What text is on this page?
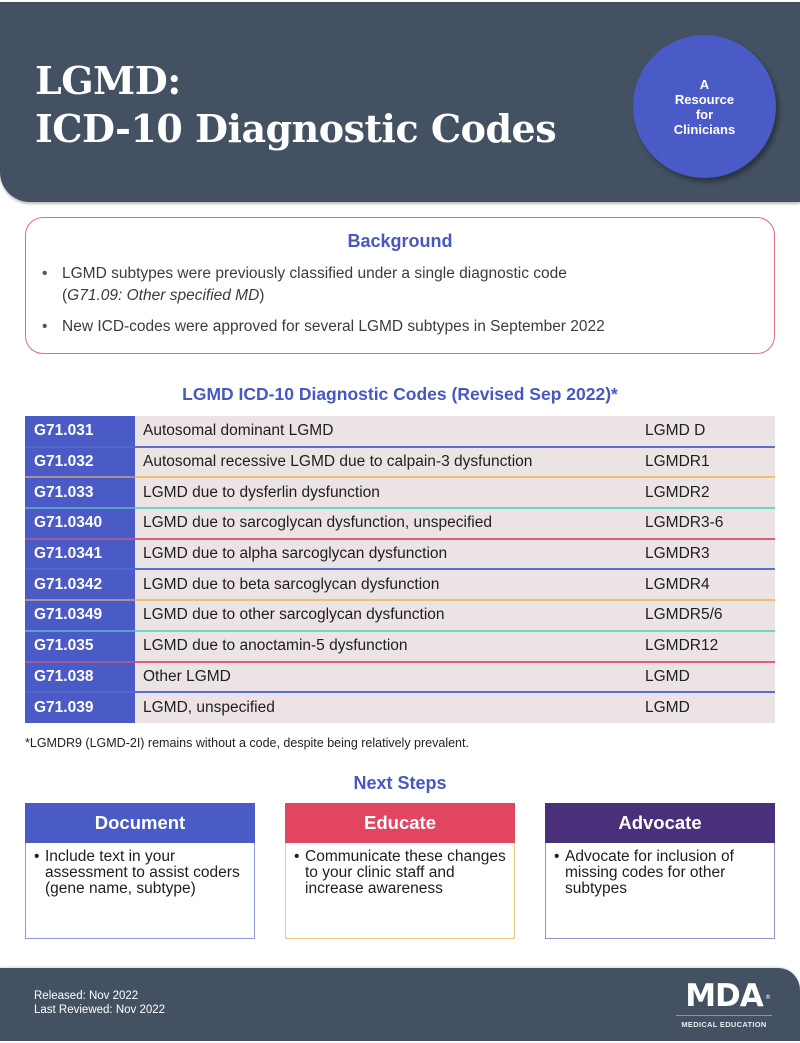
LGMD:
ICD-10 Diagnostic Codes
A
Resource
for
Clinicians
Background
• LGMD subtypes were previously classified under a single diagnostic code
(G71.09: Other specified MD)
• New ICD-codes were approved for several LGMD subtypes in September 2022
LGMD ICD-10 Diagnostic Codes (Revised Sep 2022)*
G71.031	Autosomal dominant LGMD	LGMD D
G71.032	Autosomal recessive LGMD due to calpain-3 dysfunction	LGMDR1
G71.033	LGMD due to dysferlin dysfunction	LGMDR2
G71.0340	LGMD due to sarcoglycan dysfunction, unspecified	LGMDR3-6
G71.0341	LGMD due to alpha sarcoglycan dysfunction	LGMDR3
G71.0342	LGMD due to beta sarcoglycan dysfunction	LGMDR4
G71.0349	LGMD due to other sarcoglycan dysfunction	LGMDR5/6
G71.035	LGMD due to anoctamin-5 dysfunction	LGMDR12
G71.038	Other LGMD	LGMD
G71.039	LGMD, unspecified	LGMD
*LGMDR9 (LGMD-2I) remains without a code, despite being relatively prevalent.
Next Steps
Document
• Include text in your assessment to assist coders (gene name, subtype)
Educate
• Communicate these changes to your clinic staff and increase awareness
Advocate
• Advocate for inclusion of missing codes for other subtypes
Released: Nov 2022
Last Reviewed: Nov 2022	MDA ®
MEDICAL EDUCATION
